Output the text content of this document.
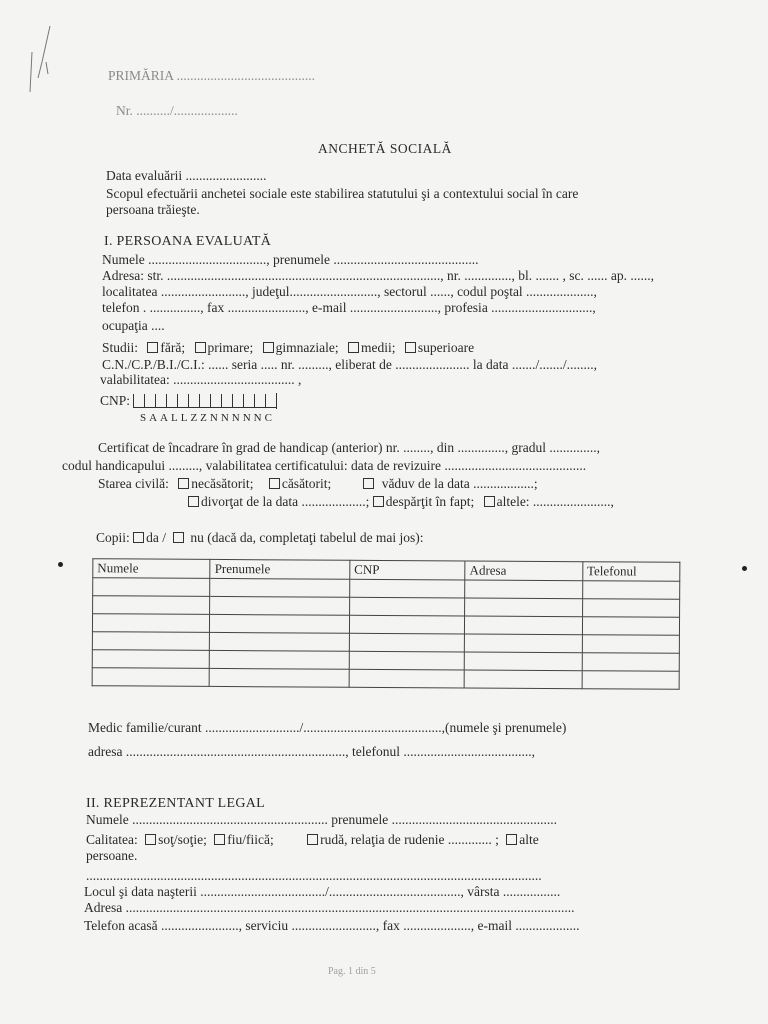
PRIMĂRIA .........................................
Nr. ........../...................
ANCHETĂ SOCIALĂ
Data evaluării ........................
Scopul efectuării anchetei sociale este stabilirea statutului şi a contextului social în care
persoana trăieşte.
I. PERSOANA EVALUATĂ
Numele ..................................., prenumele ...........................................
Adresa: str. ................................................................................., nr. .............., bl. ....... , sc. ...... ap. ......,
localitatea ........................., judeţul.........................., sectorul ......, codul poştal ....................,
telefon . ..............., fax ......................., e-mail .........................., profesia ..............................,
ocupaţia ....
Studii: fără; primare; gimnaziale; medii; superioare
C.N./C.P./B.I./C.I.: ...... seria ..... nr. ........., eliberat de ...................... la data ......./......./........,
valabilitatea: .................................... ,
CNP:
SAALLZZNNNNNC
Certificat de încadrare în grad de handicap (anterior) nr. ........, din .............., gradul ..............,
codul handicapului ........., valabilitatea certificatului: data de revizuire ..........................................
Starea civilă: necăsătorit; căsătorit;	văduv de la data ..................;
divorţat de la data ...................; despărţit în fapt; altele: .......................,
Copii: da / nu (dacă da, completaţi tabelul de mai jos):
Numele	Prenumele	CNP	Adresa	Telefonul

Medic familie/curant ............................/.........................................,(numele şi prenumele)
adresa ................................................................., telefonul ......................................,
II. REPREZENTANT LEGAL
Numele .......................................................... prenumele .................................................
Calitatea: soţ/soţie; fiu/fiică;	rudă, relaţia de rudenie ............. ; alte
persoane.
.......................................................................................................................................
Locul şi data naşterii ...................................../......................................., vârsta .................
Adresa .....................................................................................................................................
Telefon acasă ......................., serviciu ........................., fax ...................., e-mail ...................
Pag. 1 din 5
